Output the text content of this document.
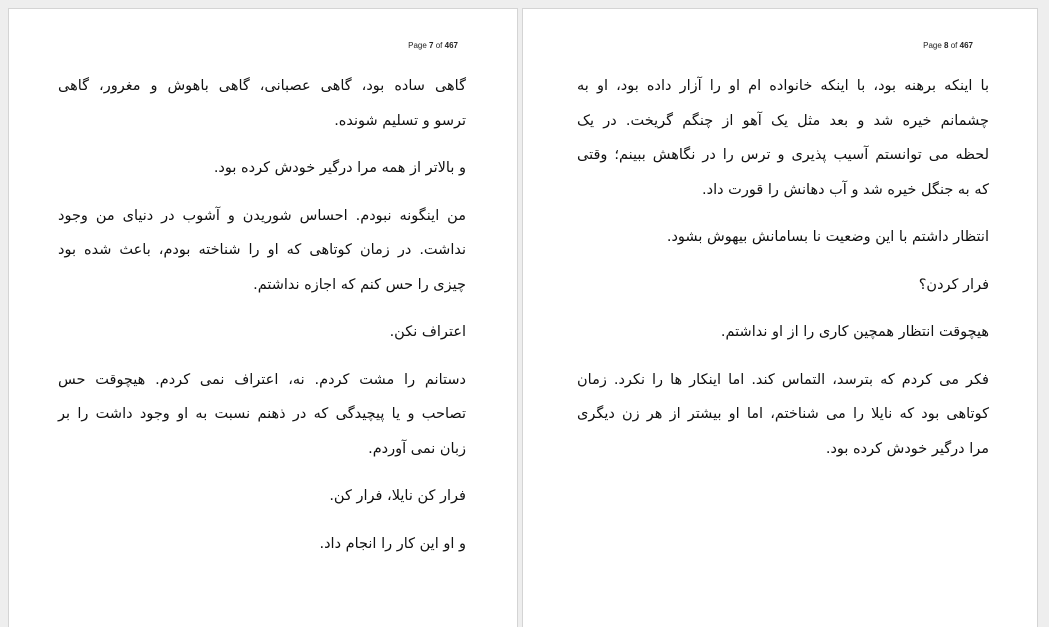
Page 7 of 467

گاهی ساده بود، گاهی عصبانی، گاهی باهوش و مغرور، گاهی
ترسو و تسلیم شونده.

و بالاتر از همه مرا درگیر خودش کرده بود.

من اینگونه نبودم. احساس شوریدن و آشوب در دنیای من وجود
نداشت. در زمان کوتاهی که او را شناخته بودم، باعث شده بود
چیزی را حس کنم که اجازه نداشتم.

اعتراف نکن.

دستانم را مشت کردم. نه، اعتراف نمی کردم. هیچوقت حس
تصاحب و یا پیچیدگی که در ذهنم نسبت به او وجود داشت را بر
زبان نمی آوردم.

فرار کن نایلا، فرار کن.

و او این کار را انجام داد.

Page 8 of 467

با اینکه برهنه بود، با اینکه خانواده ام او را آزار داده بود، او به
چشمانم خیره شد و بعد مثل یک آهو از چنگم گریخت. در یک
لحظه می توانستم آسیب پذیری و ترس را در نگاهش ببینم؛ وقتی
که به جنگل خیره شد و آب دهانش را قورت داد.

انتظار داشتم با این وضعیت نا بسامانش بیهوش بشود.

فرار کردن؟

هیچوقت انتظار همچین کاری را از او نداشتم.

فکر می کردم که بترسد، التماس کند. اما اینکار ها را نکرد. زمان
کوتاهی بود که نایلا را می شناختم، اما او بیشتر از هر زن دیگری
مرا درگیر خودش کرده بود.
